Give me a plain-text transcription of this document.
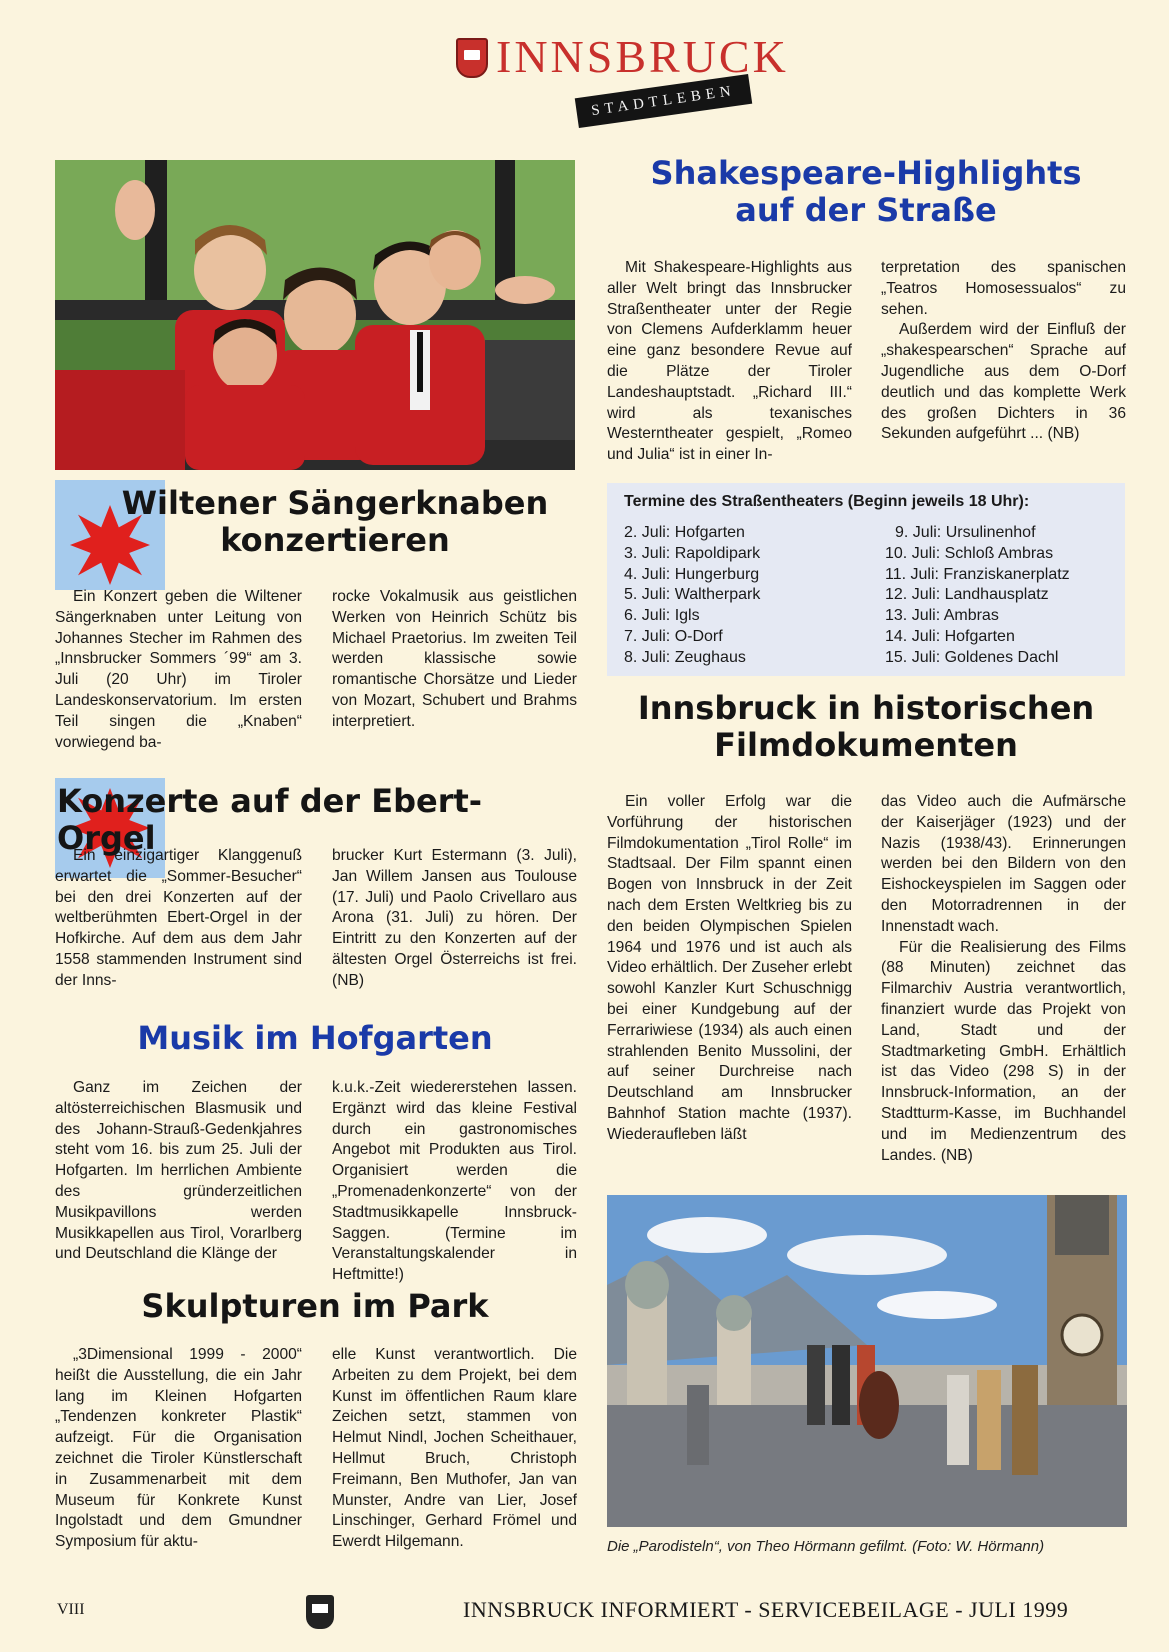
INNSBRUCK
STADTLEBEN
Shakespeare-Highlights
auf der Straße
Mit Shakespeare-Highlights aus aller Welt bringt das Innsbrucker Straßentheater unter der Regie von Clemens Aufderklamm heuer eine ganz besondere Revue auf die Plätze der Tiroler Landeshauptstadt. „Richard III.“ wird als texanisches Westerntheater gespielt, „Romeo und Julia“ ist in einer In-
terpretation des spanischen „Teatros Homosessualos“ zu sehen.
Außerdem wird der Einfluß der „shakespearschen“ Sprache auf Jugendliche aus dem O-Dorf deutlich und das komplette Werk des großen Dichters in 36 Sekunden aufgeführt ... (NB)
Termine des Straßentheaters (Beginn jeweils 18 Uhr):
2. Juli: Hofgarten
3. Juli: Rapoldipark
4. Juli: Hungerburg
5. Juli: Waltherpark
6. Juli: Igls
7. Juli: O-Dorf
8. Juli: Zeughaus
9. Juli: Ursulinenhof
10. Juli: Schloß Ambras
11. Juli: Franziskanerplatz
12. Juli: Landhausplatz
13. Juli: Ambras
14. Juli: Hofgarten
15. Juli: Goldenes Dachl
Wiltener Sängerknaben
konzertieren
Ein Konzert geben die Wiltener Sängerknaben unter Leitung von Johannes Stecher im Rahmen des „Innsbrucker Sommers ´99“ am 3. Juli (20 Uhr) im Tiroler Landeskonservatorium. Im ersten Teil singen die „Knaben“ vorwiegend ba-
rocke Vokalmusik aus geistlichen Werken von Heinrich Schütz bis Michael Praetorius. Im zweiten Teil werden klassische sowie romantische Chorsätze und Lieder von Mozart, Schubert und Brahms interpretiert.
Konzerte auf der Ebert-Orgel
Ein einzigartiger Klanggenuß erwartet die „Sommer-Besucher“ bei den drei Konzerten auf der weltberühmten Ebert-Orgel in der Hofkirche. Auf dem aus dem Jahr 1558 stammenden Instrument sind der Inns-
brucker Kurt Estermann (3. Juli), Jan Willem Jansen aus Toulouse (17. Juli) und Paolo Crivellaro aus Arona (31. Juli) zu hören. Der Eintritt zu den Konzerten auf der ältesten Orgel Österreichs ist frei. (NB)
Musik im Hofgarten
Ganz im Zeichen der altösterreichischen Blasmusik und des Johann-Strauß-Gedenkjahres steht vom 16. bis zum 25. Juli der Hofgarten. Im herrlichen Ambiente des gründerzeitlichen Musikpavillons werden Musikkapellen aus Tirol, Vorarlberg und Deutschland die Klänge der
k.u.k.-Zeit wiedererstehen lassen. Ergänzt wird das kleine Festival durch ein gastronomisches Angebot mit Produkten aus Tirol. Organisiert werden die „Promenadenkonzerte“ von der Stadtmusikkapelle Innsbruck-Saggen. (Termine im Veranstaltungskalender in Heftmitte!)
Skulpturen im Park
„3Dimensional 1999 - 2000“ heißt die Ausstellung, die ein Jahr lang im Kleinen Hofgarten „Tendenzen konkreter Plastik“ aufzeigt. Für die Organisation zeichnet die Tiroler Künstlerschaft in Zusammenarbeit mit dem Museum für Konkrete Kunst Ingolstadt und dem Gmundner Symposium für aktu-
elle Kunst verantwortlich. Die Arbeiten zu dem Projekt, bei dem Kunst im öffentlichen Raum klare Zeichen setzt, stammen von Helmut Nindl, Jochen Scheithauer, Hellmut Bruch, Christoph Freimann, Ben Muthofer, Jan van Munster, Andre van Lier, Josef Linschinger, Gerhard Frömel und Ewerdt Hilgemann.
Innsbruck in historischen
Filmdokumenten
Ein voller Erfolg war die Vorführung der historischen Filmdokumentation „Tirol Rolle“ im Stadtsaal. Der Film spannt einen Bogen von Innsbruck in der Zeit nach dem Ersten Weltkrieg bis zu den beiden Olympischen Spielen 1964 und 1976 und ist auch als Video erhältlich. Der Zuseher erlebt sowohl Kanzler Kurt Schuschnigg bei einer Kundgebung auf der Ferrariwiese (1934) als auch einen strahlenden Benito Mussolini, der auf seiner Durchreise nach Deutschland am Innsbrucker Bahnhof Station machte (1937). Wiederaufleben läßt
das Video auch die Aufmärsche der Kaiserjäger (1923) und der Nazis (1938/43). Erinnerungen werden bei den Bildern von den Eishockeyspielen im Saggen oder den Motorradrennen in der Innenstadt wach.
Für die Realisierung des Films (88 Minuten) zeichnet das Filmarchiv Austria verantwortlich, finanziert wurde das Projekt von Land, Stadt und der Stadtmarketing GmbH. Erhältlich ist das Video (298 S) in der Innsbruck-Information, an der Stadtturm-Kasse, im Buchhandel und im Medienzentrum des Landes. (NB)
Die „Parodisteln“, von Theo Hörmann gefilmt. (Foto: W. Hörmann)
VIII	INNSBRUCK INFORMIERT - SERVICEBEILAGE - JULI 1999
